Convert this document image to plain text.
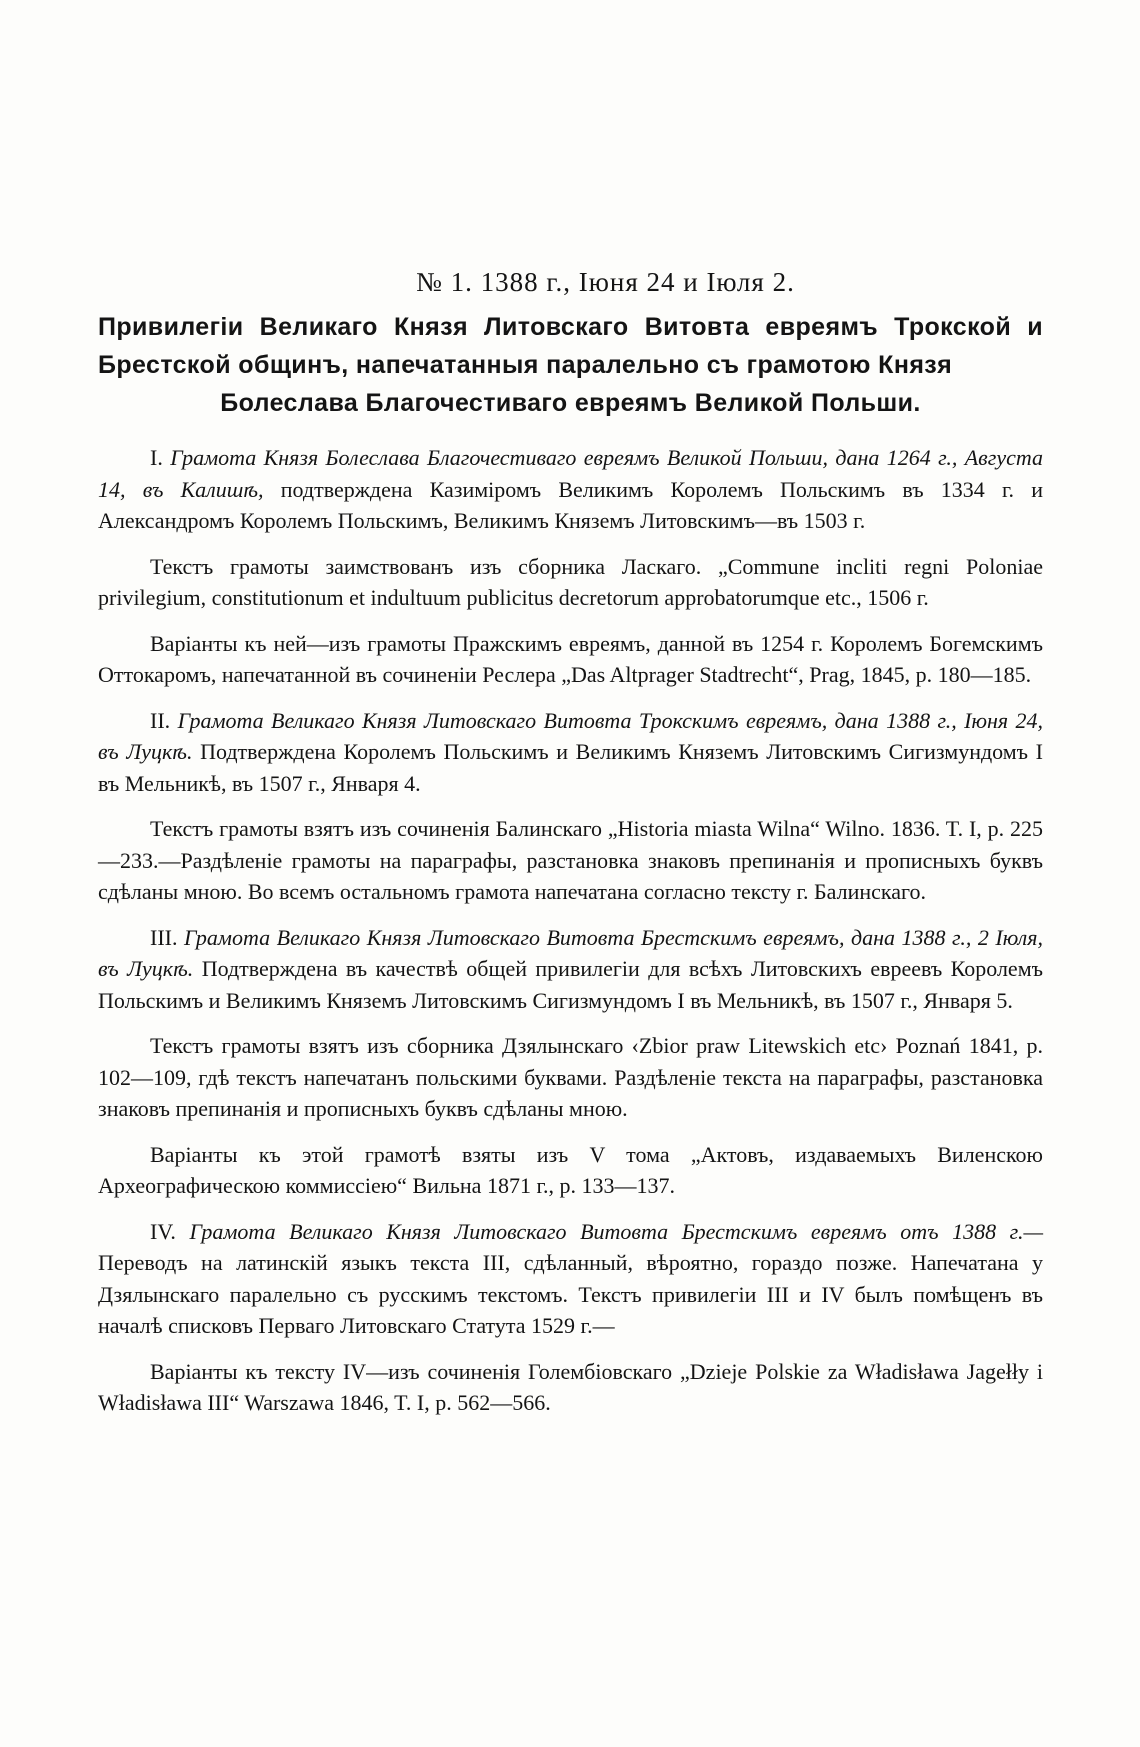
№ 1. 1388 г., Іюня 24 и Іюля 2.
Привилегіи Великаго Князя Литовскаго Витовта евреямъ Трокской и Брестской общинъ, напечатанныя паралельно съ грамотою Князя
Болеслава Благочестиваго евреямъ Великой Польши.

I. Грамота Князя Болеслава Благочестиваго евреямъ Великой Польши, дана 1264 г., Августа 14, въ Калишѣ, подтверждена Казиміромъ Великимъ Королемъ Польскимъ въ 1334 г. и Александромъ Королемъ Польскимъ, Великимъ Княземъ Литовскимъ—въ 1503 г.

Текстъ грамоты заимствованъ изъ сборника Ласкаго. „Commune incliti regni Poloniae privilegium, constitutionum et indultuum publicitus decretorum approbatorumque etc., 1506 г.

Варіанты къ ней—изъ грамоты Пражскимъ евреямъ, данной въ 1254 г. Королемъ Богемскимъ Оттокаромъ, напечатанной въ сочиненіи Реслера „Das Altprager Stadtrecht“, Prag, 1845, p. 180—185.

II. Грамота Великаго Князя Литовскаго Витовта Трокскимъ евреямъ, дана 1388 г., Іюня 24, въ Луцкѣ. Подтверждена Королемъ Польскимъ и Великимъ Княземъ Литовскимъ Сигизмундомъ I въ Мельникѣ, въ 1507 г., Января 4.

Текстъ грамоты взятъ изъ сочиненія Балинскаго „Historia miasta Wilna“ Wilno. 1836. T. I, p. 225—233.—Раздѣленіе грамоты на параграфы, разстановка знаковъ препинанія и прописныхъ буквъ сдѣланы мною. Во всемъ остальномъ грамота напечатана согласно тексту г. Балинскаго.

III. Грамота Великаго Князя Литовскаго Витовта Брестскимъ евреямъ, дана 1388 г., 2 Іюля, въ Луцкѣ. Подтверждена въ качествѣ общей привилегіи для всѣхъ Литовскихъ евреевъ Королемъ Польскимъ и Великимъ Княземъ Литовскимъ Сигизмундомъ I въ Мельникѣ, въ 1507 г., Января 5.

Текстъ грамоты взятъ изъ сборника Дзялынскаго ‹Zbior praw Litewskich etc› Poznań 1841, p. 102—109, гдѣ текстъ напечатанъ польскими буквами. Раздѣленіе текста на параграфы, разстановка знаковъ препинанія и прописныхъ буквъ сдѣланы мною.

Варіанты къ этой грамотѣ взяты изъ V тома „Актовъ, издаваемыхъ Виленскою Археографическою коммиссіею“ Вильна 1871 г., p. 133—137.

IV. Грамота Великаго Князя Литовскаго Витовта Брестскимъ евреямъ отъ 1388 г.— Переводъ на латинскій языкъ текста III, сдѣланный, вѣроятно, гораздо позже. Напечатана у Дзялынскаго паралельно съ русскимъ текстомъ. Текстъ привилегіи III и IV былъ помѣщенъ въ началѣ списковъ Перваго Литовскаго Статута 1529 г.—

Варіанты къ тексту IV—изъ сочиненія Голембіовскаго „Dzieje Polskie za Władisława Jagełły i Władisława III“ Warszawa 1846, T. I, p. 562—566.
